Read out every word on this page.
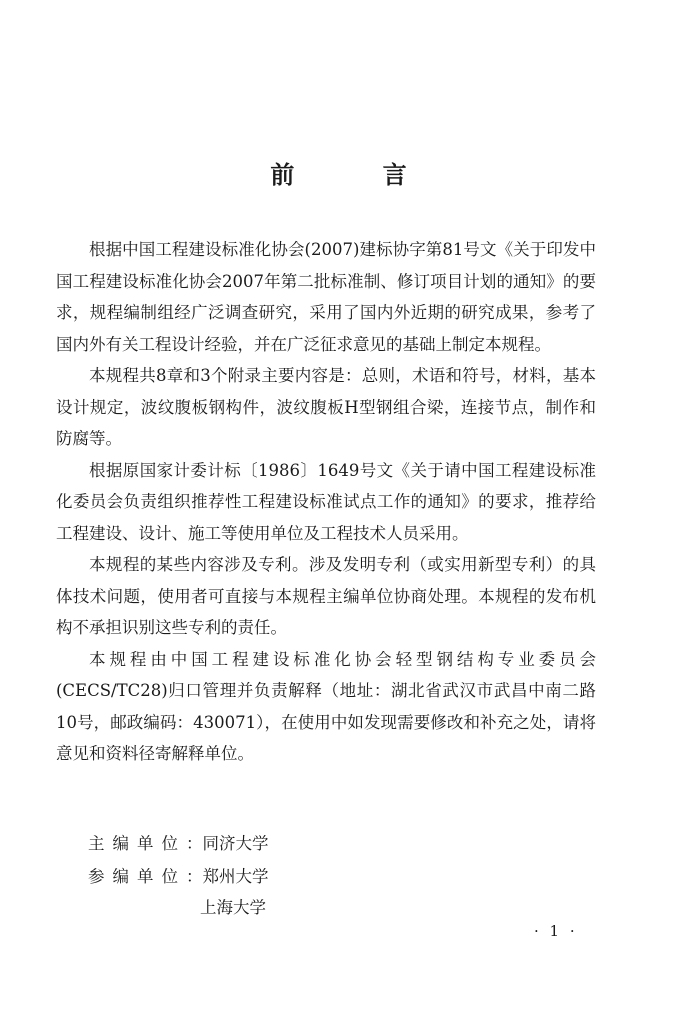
前 言

根据中国工程建设标准化协会(2007)建标协字第81号文《关于印发中国工程建设标准化协会2007年第二批标准制、修订项目计划的通知》的要求，规程编制组经广泛调查研究，采用了国内外近期的研究成果，参考了国内外有关工程设计经验，并在广泛征求意见的基础上制定本规程。

本规程共8章和3个附录主要内容是：总则，术语和符号，材料，基本设计规定，波纹腹板钢构件，波纹腹板H型钢组合梁，连接节点，制作和防腐等。

根据原国家计委计标〔1986〕1649号文《关于请中国工程建设标准化委员会负责组织推荐性工程建设标准试点工作的通知》的要求，推荐给工程建设、设计、施工等使用单位及工程技术人员采用。

本规程的某些内容涉及专利。涉及发明专利（或实用新型专利）的具体技术问题，使用者可直接与本规程主编单位协商处理。本规程的发布机构不承担识别这些专利的责任。

本规程由中国工程建设标准化协会轻型钢结构专业委员会(CECS/TC28)归口管理并负责解释（地址：湖北省武汉市武昌中南二路10号，邮政编码：430071），在使用中如发现需要修改和补充之处，请将意见和资料径寄解释单位。

主编单位：同济大学
参编单位：郑州大学
上海大学
· 1 ·
